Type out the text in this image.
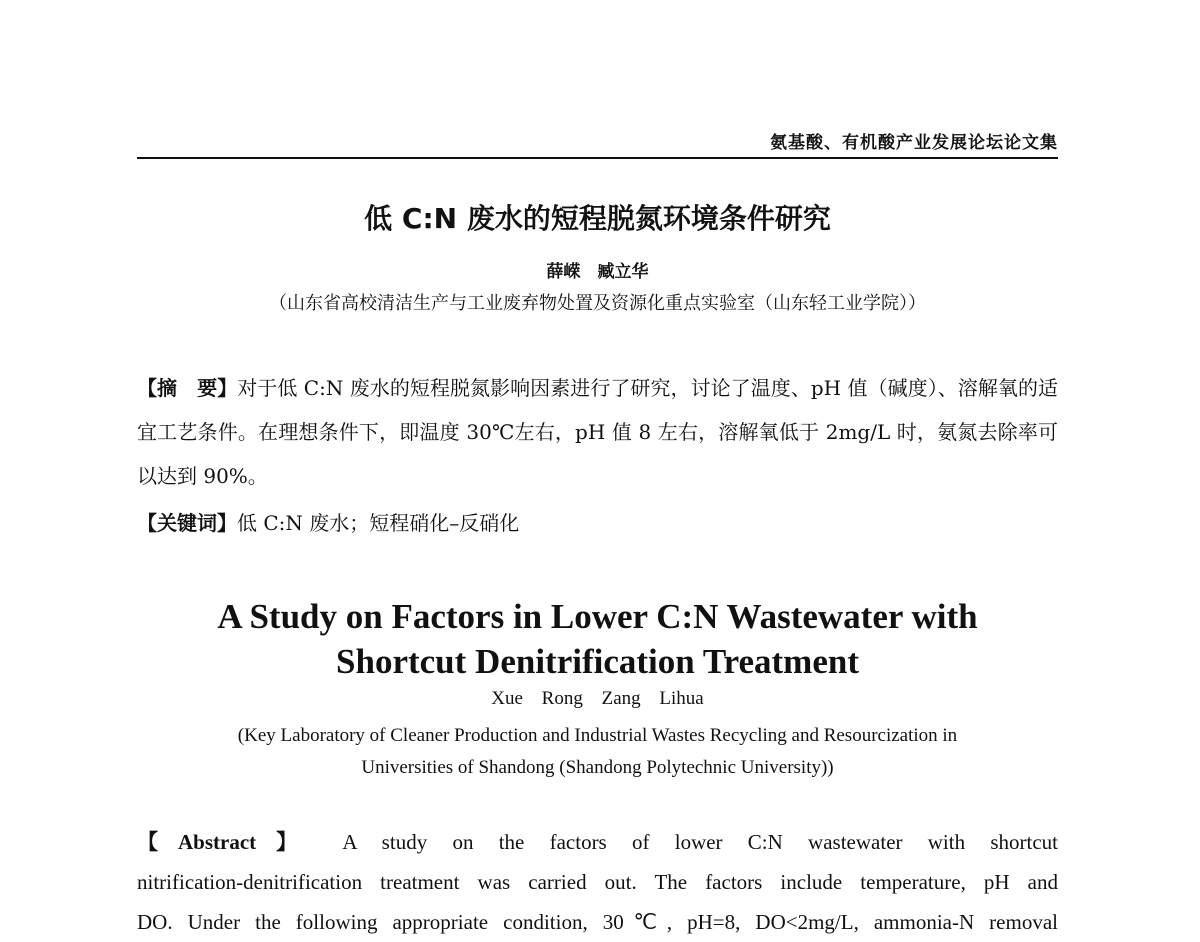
氨基酸、有机酸产业发展论坛论文集
低 C:N 废水的短程脱氮环境条件研究
薛嵘　臧立华
（山东省高校清洁生产与工业废弃物处置及资源化重点实验室（山东轻工业学院））
【摘　要】对于低 C:N 废水的短程脱氮影响因素进行了研究，讨论了温度、pH 值（碱度）、溶解氧的适宜工艺条件。在理想条件下，即温度 30℃左右，pH 值 8 左右，溶解氧低于 2mg/L 时，氨氮去除率可以达到 90%。
【关键词】低 C:N 废水；短程硝化–反硝化
A Study on Factors in Lower C:N Wastewater with
Shortcut Denitrification Treatment
Xue Rong Zang Lihua
(Key Laboratory of Cleaner Production and Industrial Wastes Recycling and Resourcization in
Universities of Shandong (Shandong Polytechnic University))
【Abstract】 A study on the factors of lower C:N wastewater with shortcut
nitrification-denitrification treatment was carried out. The factors include temperature, pH and
DO. Under the following appropriate condition, 30℃, pH=8, DO<2mg/L, ammonia-N removal
